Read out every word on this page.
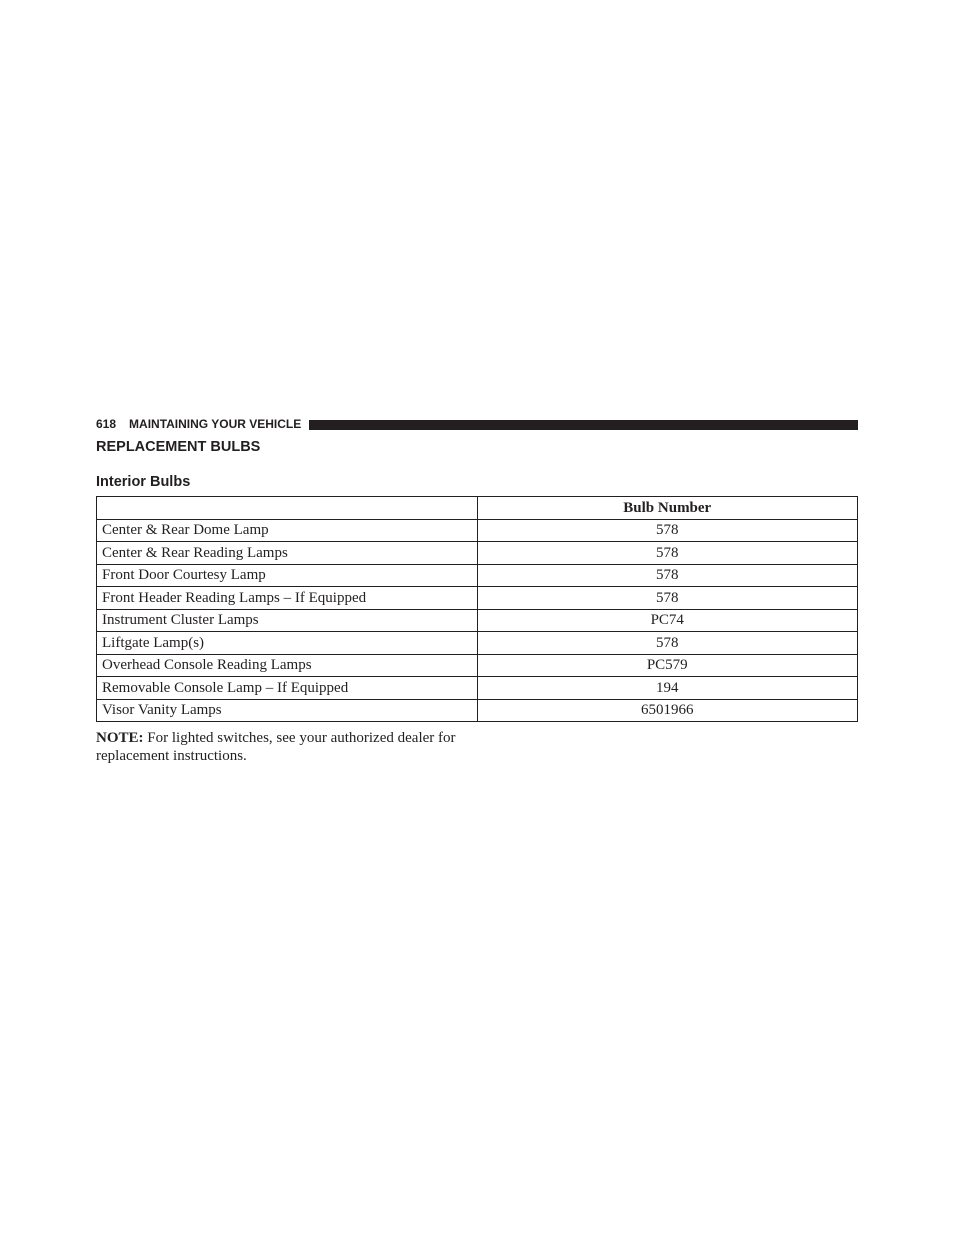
618 MAINTAINING YOUR VEHICLE
REPLACEMENT BULBS
Interior Bulbs
	Bulb Number
Center & Rear Dome Lamp	578
Center & Rear Reading Lamps	578
Front Door Courtesy Lamp	578
Front Header Reading Lamps – If Equipped	578
Instrument Cluster Lamps	PC74
Liftgate Lamp(s)	578
Overhead Console Reading Lamps	PC579
Removable Console Lamp – If Equipped	194
Visor Vanity Lamps	6501966

NOTE: For lighted switches, see your authorized dealer for replacement instructions.
